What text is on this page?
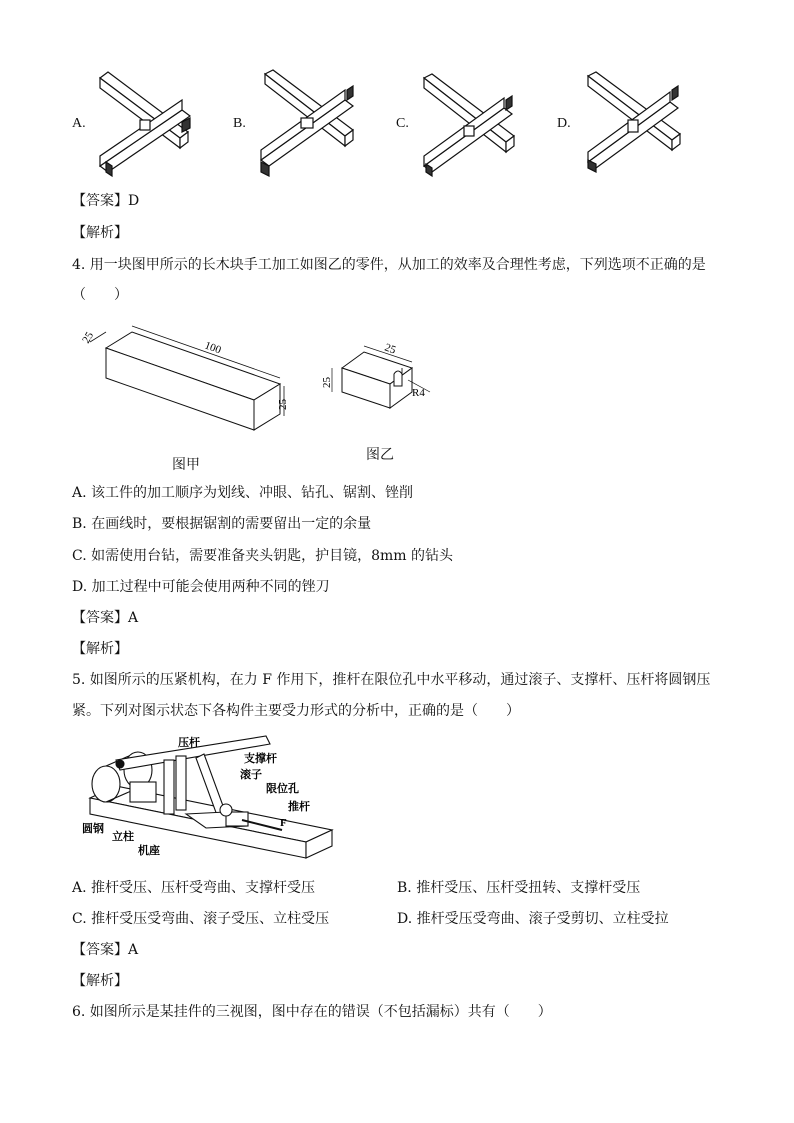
A.	B.	C.	D.
【答案】D
【解析】
4. 用一块图甲所示的长木块手工加工如图乙的零件，从加工的效率及合理性考虑，下列选项不正确的是
（　　）
100
25
25
图甲
25
25
R4
图乙
A. 该工件的加工顺序为划线、冲眼、钻孔、锯割、锉削
B. 在画线时，要根据锯割的需要留出一定的余量
C. 如需使用台钻，需要准备夹头钥匙，护目镜，8mm 的钻头
D. 加工过程中可能会使用两种不同的锉刀
【答案】A
【解析】
5. 如图所示的压紧机构，在力 F 作用下，推杆在限位孔中水平移动，通过滚子、支撑杆、压杆将圆钢压
紧。下列对图示状态下各构件主要受力形式的分析中，正确的是（　　）
压杆
支撑杆
滚子
限位孔
推杆
F
圆钢
立柱
机座
A. 推杆受压、压杆受弯曲、支撑杆受压	B. 推杆受压、压杆受扭转、支撑杆受压
C. 推杆受压受弯曲、滚子受压、立柱受压	D. 推杆受压受弯曲、滚子受剪切、立柱受拉
【答案】A
【解析】
6. 如图所示是某挂件的三视图，图中存在的错误（不包括漏标）共有（　　）
